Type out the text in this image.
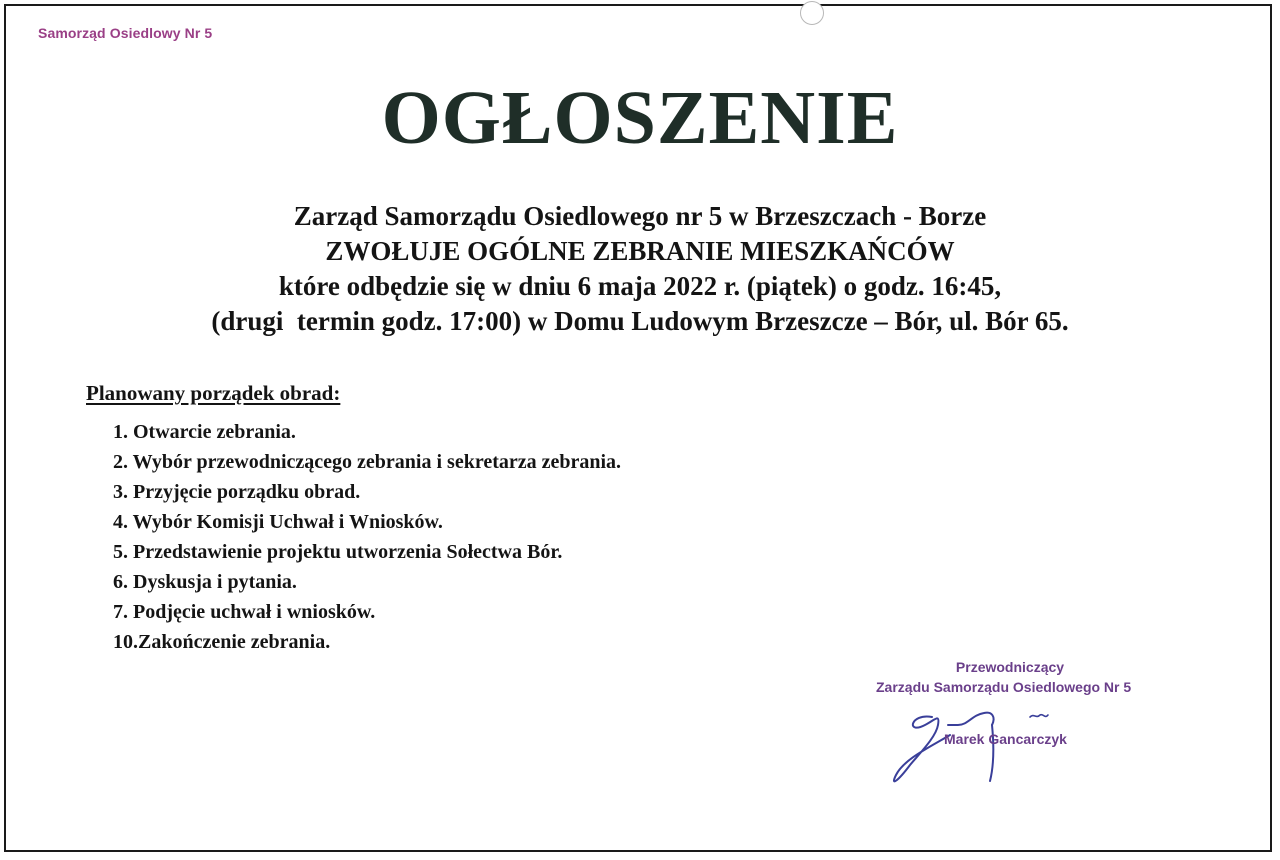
Samorząd Osiedlowy Nr 5
OGŁOSZENIE
Zarząd Samorządu Osiedlowego nr 5 w Brzeszczach - Borze
ZWOŁUJE OGÓLNE ZEBRANIE MIESZKAŃCÓW
które odbędzie się w dniu 6 maja 2022 r. (piątek) o godz. 16:45,
(drugi  termin godz. 17:00) w Domu Ludowym Brzeszcze – Bór, ul. Bór 65.
Planowany porządek obrad:
1. Otwarcie zebrania.
2. Wybór przewodniczącego zebrania i sekretarza zebrania.
3. Przyjęcie porządku obrad.
4. Wybór Komisji Uchwał i Wniosków.
5. Przedstawienie projektu utworzenia Sołectwa Bór.
6. Dyskusja i pytania.
7. Podjęcie uchwał i wniosków.
10.Zakończenie zebrania.
Przewodniczący
Zarządu Samorządu Osiedlowego Nr 5
Marek Gancarczyk
